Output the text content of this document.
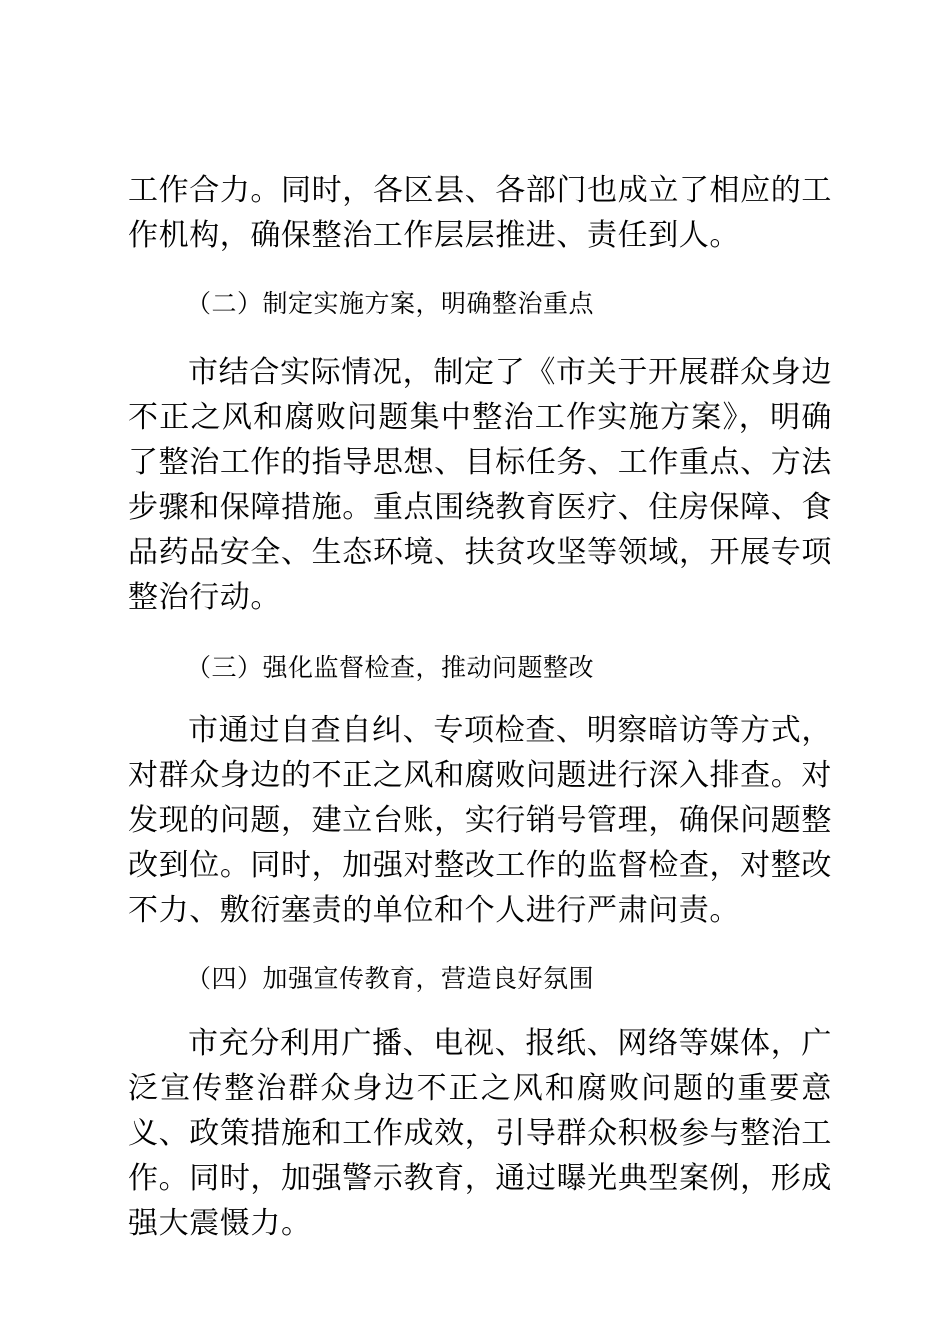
工作合力。同时，各区县、各部门也成立了相应的工作机构，确保整治工作层层推进、责任到人。

（二）制定实施方案，明确整治重点

市结合实际情况，制定了《市关于开展群众身边不正之风和腐败问题集中整治工作实施方案》，明确了整治工作的指导思想、目标任务、工作重点、方法步骤和保障措施。重点围绕教育医疗、住房保障、食品药品安全、生态环境、扶贫攻坚等领域，开展专项整治行动。

（三）强化监督检查，推动问题整改

市通过自查自纠、专项检查、明察暗访等方式，对群众身边的不正之风和腐败问题进行深入排查。对发现的问题，建立台账，实行销号管理，确保问题整改到位。同时，加强对整改工作的监督检查，对整改不力、敷衍塞责的单位和个人进行严肃问责。

（四）加强宣传教育，营造良好氛围

市充分利用广播、电视、报纸、网络等媒体，广泛宣传整治群众身边不正之风和腐败问题的重要意义、政策措施和工作成效，引导群众积极参与整治工作。同时，加强警示教育，通过曝光典型案例，形成强大震慑力。
